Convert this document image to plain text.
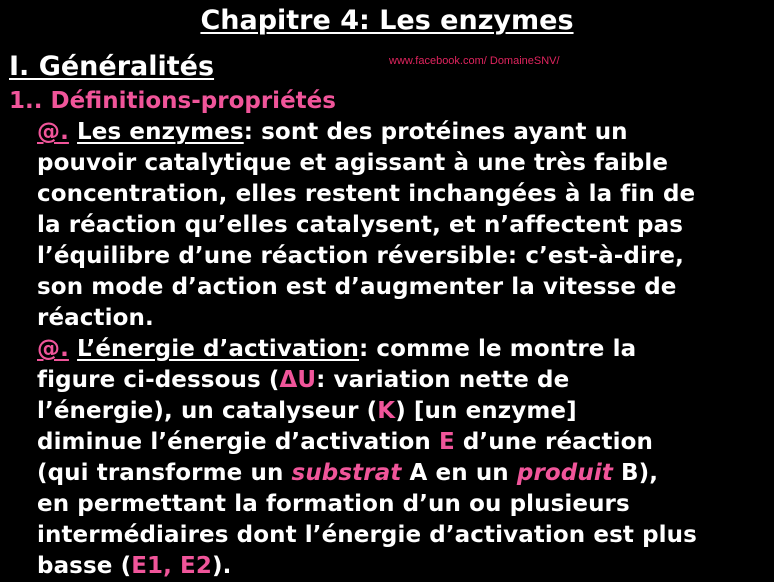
Chapitre 4: Les enzymes
I. Généralités	www.facebook.com/ DomaineSNV/
1.. Définitions-propriétés
@. Les enzymes: sont des protéines ayant un
pouvoir catalytique et agissant à une très faible
concentration, elles restent inchangées à la fin de
la réaction qu’elles catalysent, et n’affectent pas
l’équilibre d’une réaction réversible: c’est-à-dire,
son mode d’action est d’augmenter la vitesse de
réaction.
@. L’énergie d’activation: comme le montre la
figure ci-dessous (ΔU: variation nette de
l’énergie), un catalyseur (K) [un enzyme]
diminue l’énergie d’activation E d’une réaction
(qui transforme un substrat A en un produit B),
en permettant la formation d’un ou plusieurs
intermédiaires dont l’énergie d’activation est plus
basse (E1, E2).
